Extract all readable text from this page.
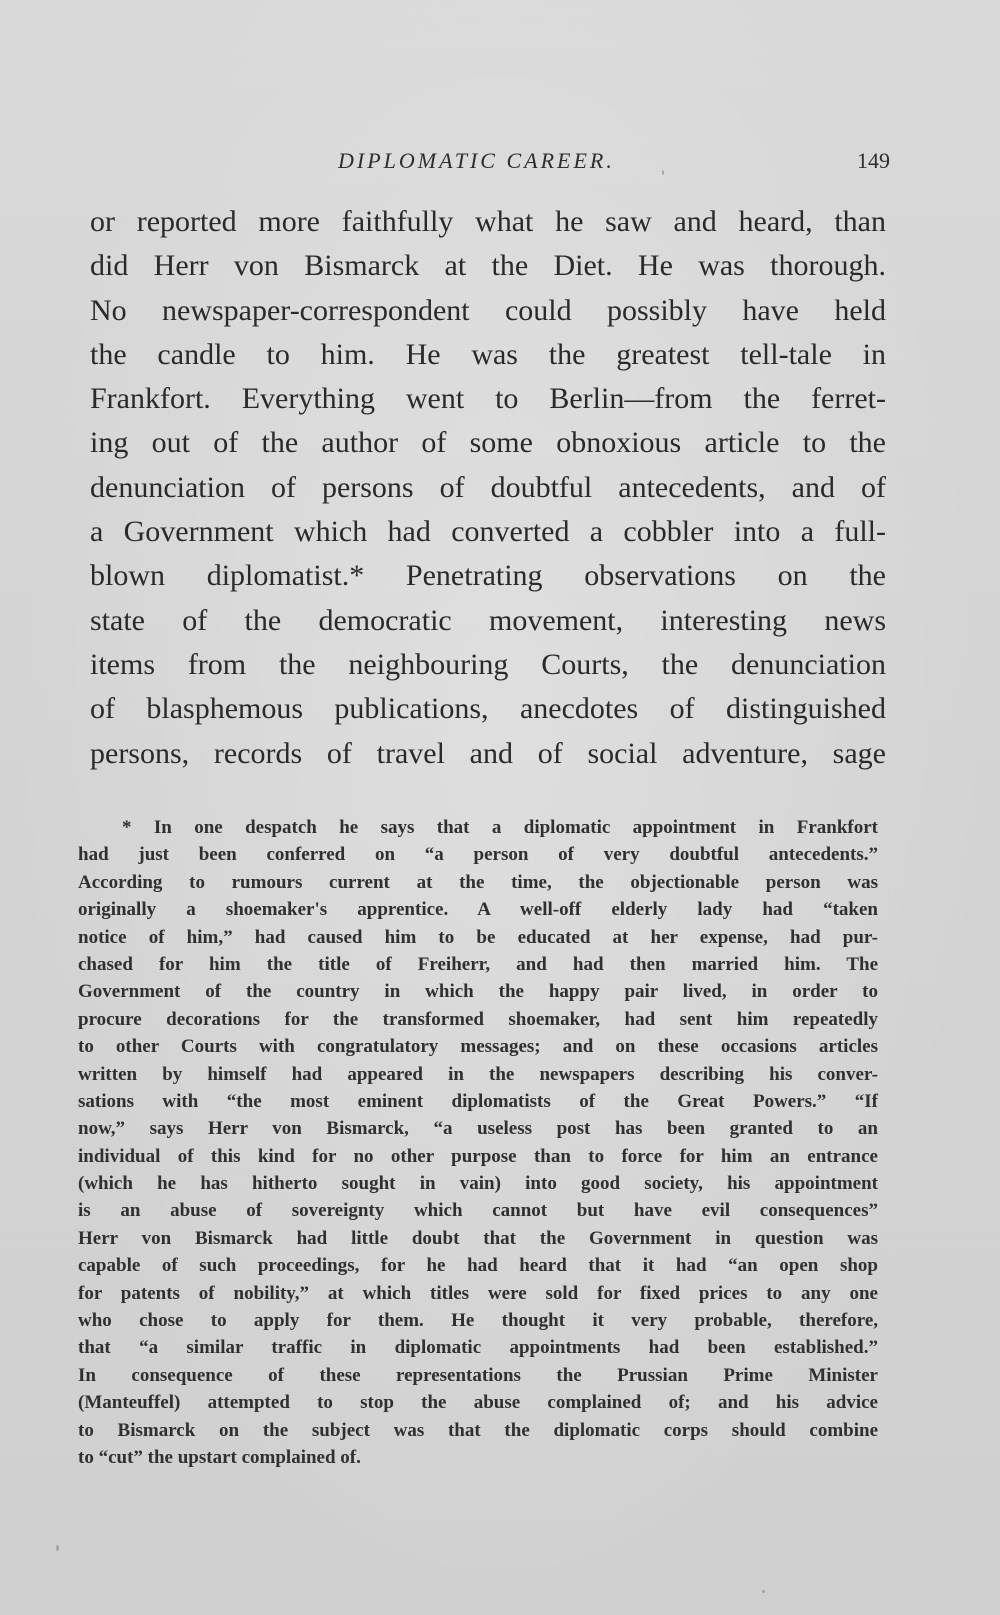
DIPLOMATIC CAREER.	149
or reported more faithfully what he saw and heard, than
did Herr von Bismarck at the Diet. He was thorough.
No newspaper-correspondent could possibly have held
the candle to him. He was the greatest tell-tale in
Frankfort. Everything went to Berlin—from the ferret-
ing out of the author of some obnoxious article to the
denunciation of persons of doubtful antecedents, and of
a Government which had converted a cobbler into a full-
blown diplomatist.* Penetrating observations on the
state of the democratic movement, interesting news
items from the neighbouring Courts, the denunciation
of blasphemous publications, anecdotes of distinguished
persons, records of travel and of social adventure, sage
* In one despatch he says that a diplomatic appointment in Frankfort
had just been conferred on “a person of very doubtful antecedents.”
According to rumours current at the time, the objectionable person was
originally a shoemaker's apprentice. A well-off elderly lady had “taken
notice of him,” had caused him to be educated at her expense, had pur-
chased for him the title of Freiherr, and had then married him. The
Government of the country in which the happy pair lived, in order to
procure decorations for the transformed shoemaker, had sent him repeatedly
to other Courts with congratulatory messages; and on these occasions articles
written by himself had appeared in the newspapers describing his conver-
sations with “the most eminent diplomatists of the Great Powers.” “If
now,” says Herr von Bismarck, “a useless post has been granted to an
individual of this kind for no other purpose than to force for him an entrance
(which he has hitherto sought in vain) into good society, his appointment
is an abuse of sovereignty which cannot but have evil consequences”
Herr von Bismarck had little doubt that the Government in question was
capable of such proceedings, for he had heard that it had “an open shop
for patents of nobility,” at which titles were sold for fixed prices to any one
who chose to apply for them. He thought it very probable, therefore,
that “a similar traffic in diplomatic appointments had been established.”
In consequence of these representations the Prussian Prime Minister
(Manteuffel) attempted to stop the abuse complained of; and his advice
to Bismarck on the subject was that the diplomatic corps should combine
to “cut” the upstart complained of.
